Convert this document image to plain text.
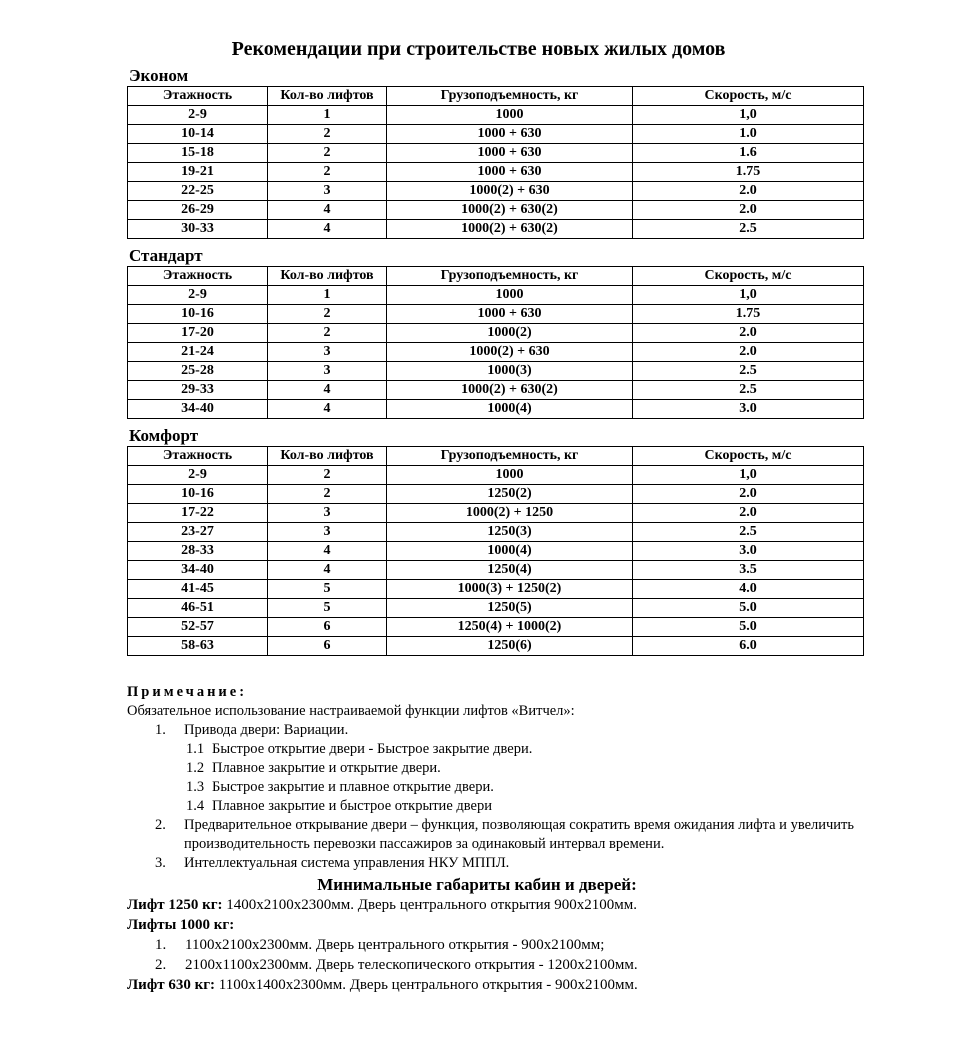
Рекомендации при строительстве новых жилых домов

Эконом

Этажность	Кол-во лифтов	Грузоподъемность, кг	Скорость, м/с
2-9	1	1000	1,0
10-14	2	1000 + 630	1.0
15-18	2	1000 + 630	1.6
19-21	2	1000 + 630	1.75
22-25	3	1000(2) + 630	2.0
26-29	4	1000(2) + 630(2)	2.0
30-33	4	1000(2) + 630(2)	2.5

Стандарт

Этажность	Кол-во лифтов	Грузоподъемность, кг	Скорость, м/с
2-9	1	1000	1,0
10-16	2	1000 + 630	1.75
17-20	2	1000(2)	2.0
21-24	3	1000(2) + 630	2.0
25-28	3	1000(3)	2.5
29-33	4	1000(2) + 630(2)	2.5
34-40	4	1000(4)	3.0

Комфорт

Этажность	Кол-во лифтов	Грузоподъемность, кг	Скорость, м/с
2-9	2	1000	1,0
10-16	2	1250(2)	2.0
17-22	3	1000(2) + 1250	2.0
23-27	3	1250(3)	2.5
28-33	4	1000(4)	3.0
34-40	4	1250(4)	3.5
41-45	5	1000(3) + 1250(2)	4.0
46-51	5	1250(5)	5.0
52-57	6	1250(4) + 1000(2)	5.0
58-63	6	1250(6)	6.0

Примечание:

Обязательное использование настраиваемой функции лифтов «Витчел»:

1. Привода двери: Вариации.
1.1 Быстрое открытие двери - Быстрое закрытие двери.
1.2 Плавное закрытие и открытие двери.
1.3 Быстрое закрытие и плавное открытие двери.
1.4 Плавное закрытие и быстрое открытие двери
2. Предварительное открывание двери – функция, позволяющая сократить время ожидания лифта и увеличить производительность перевозки пассажиров за одинаковый интервал времени.
3. Интеллектуальная система управления НКУ МППЛ.

Минимальные габариты кабин и дверей:

Лифт 1250 кг: 1400x2100x2300мм. Дверь центрального открытия 900x2100мм.

Лифты 1000 кг:

1. 1100x2100x2300мм. Дверь центрального открытия - 900x2100мм;
2. 2100x1100x2300мм. Дверь телескопического открытия - 1200x2100мм.

Лифт 630 кг: 1100x1400x2300мм. Дверь центрального открытия - 900x2100мм.
